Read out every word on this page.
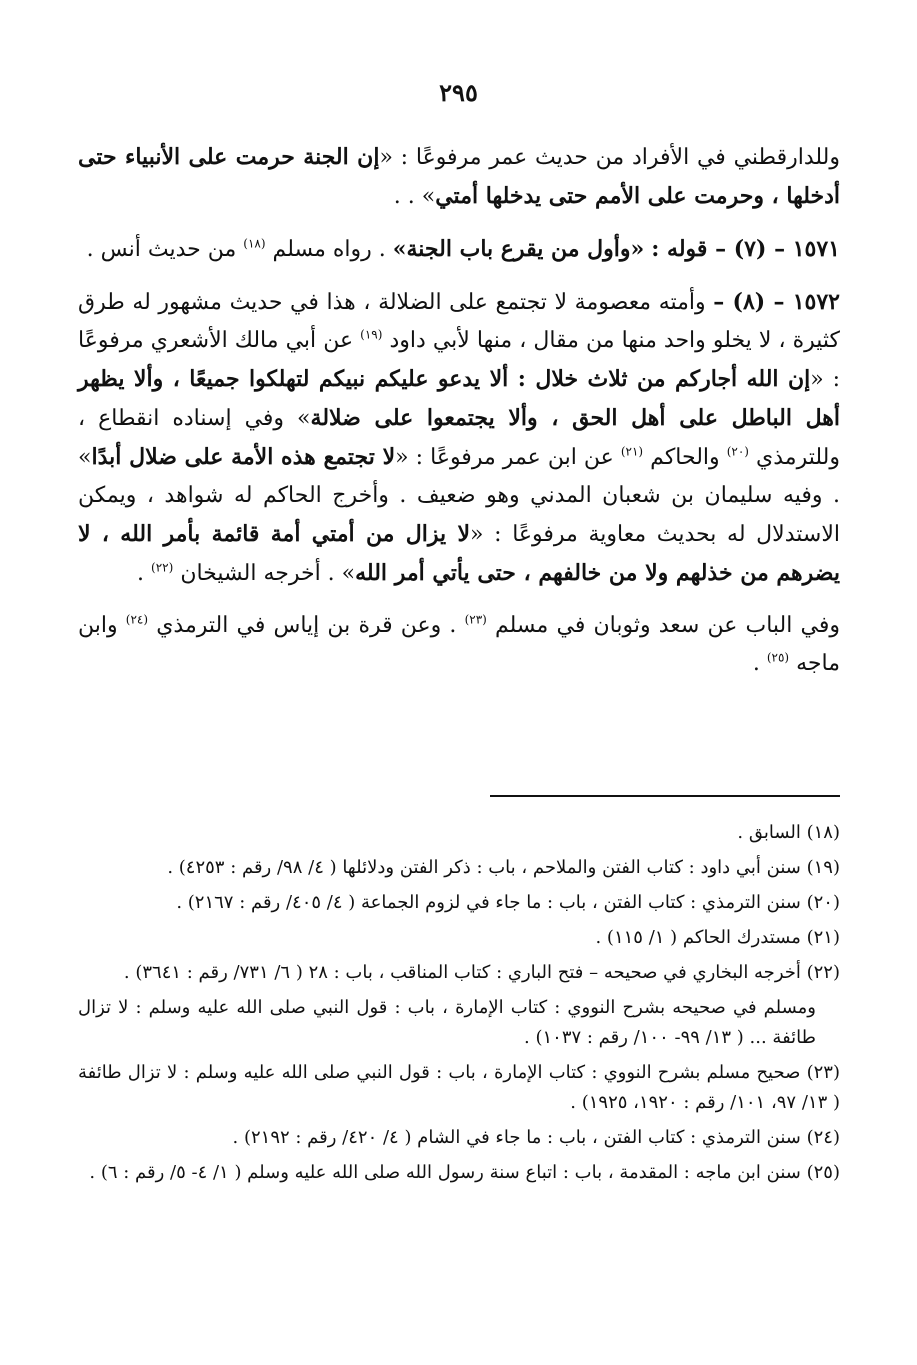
٢٩٥

وللدارقطني في الأفراد من حديث عمر مرفوعًا : «إن الجنة حرمت على الأنبياء حتى أدخلها ، وحرمت على الأمم حتى يدخلها أمتي» . .

١٥٧١ – (٧) – قوله : «وأول من يقرع باب الجنة» . رواه مسلم $^{(١٨)}$ من حديث أنس .

١٥٧٢ – (٨) – وأمته معصومة لا تجتمع على الضلالة ، هذا في حديث مشهور له طرق كثيرة ، لا يخلو واحد منها من مقال ، منها لأبي داود $^{(١٩)}$ عن أبي مالك الأشعري مرفوعًا : «إن الله أجاركم من ثلاث خلال : ألا يدعو عليكم نبيكم لتهلكوا جميعًا ، وألا يظهر أهل الباطل على أهل الحق ، وألا يجتمعوا على ضلالة» وفي إسناده انقطاع ، وللترمذي $^{(٢٠)}$ والحاكم $^{(٢١)}$ عن ابن عمر مرفوعًا : «لا تجتمع هذه الأمة على ضلال أبدًا» . وفيه سليمان بن شعبان المدني وهو ضعيف . وأخرج الحاكم له شواهد ، ويمكن الاستدلال له بحديث معاوية مرفوعًا : «لا يزال من أمتي أمة قائمة بأمر الله ، لا يضرهم من خذلهم ولا من خالفهم ، حتى يأتي أمر الله» . أخرجه الشيخان $^{(٢٢)}$ .

وفي الباب عن سعد وثوبان في مسلم $^{(٢٣)}$ . وعن قرة بن إياس في الترمذي $^{(٢٤)}$ وابن ماجه $^{(٢٥)}$ .

(١٨) السابق .

(١٩) سنن أبي داود : كتاب الفتن والملاحم ، باب : ذكر الفتن ودلائلها ( ٤/ ٩٨/ رقم : ٤٢٥٣) .

(٢٠) سنن الترمذي : كتاب الفتن ، باب : ما جاء في لزوم الجماعة ( ٤/ ٤٠٥/ رقم : ٢١٦٧) .

(٢١) مستدرك الحاكم ( ١/ ١١٥) .

(٢٢) أخرجه البخاري في صحيحه – فتح الباري : كتاب المناقب ، باب : ٢٨ ( ٦/ ٧٣١/ رقم : ٣٦٤١) .

ومسلم في صحيحه بشرح النووي : كتاب الإمارة ، باب : قول النبي صلى الله عليه وسلم : لا تزال طائفة ... ( ١٣/ ٩٩- ١٠٠/ رقم : ١٠٣٧) .

(٢٣) صحيح مسلم بشرح النووي : كتاب الإمارة ، باب : قول النبي صلى الله عليه وسلم : لا تزال طائفة ( ١٣/ ٩٧، ١٠١/ رقم : ١٩٢٠، ١٩٢٥) .

(٢٤) سنن الترمذي : كتاب الفتن ، باب : ما جاء في الشام ( ٤/ ٤٢٠/ رقم : ٢١٩٢) .

(٢٥) سنن ابن ماجه : المقدمة ، باب : اتباع سنة رسول الله صلى الله عليه وسلم ( ١/ ٤- ٥/ رقم : ٦) .
